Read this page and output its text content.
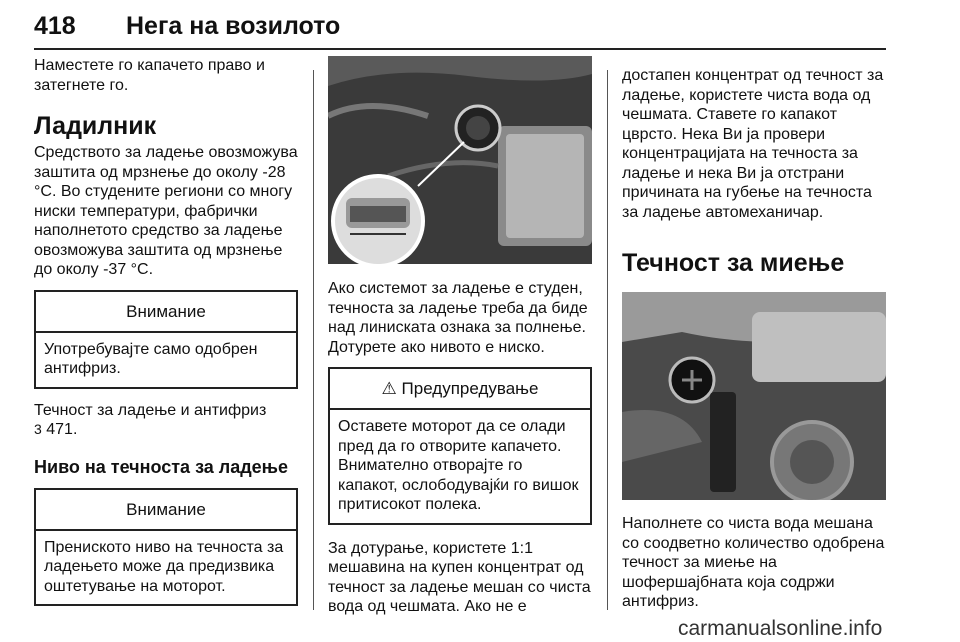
418 Нега на возилото

Наместете го капачето право и затегнете го.

Ладилник

Средството за ладење овозможува заштита од мрзнење до околу -28 °C. Во студените региони со многу ниски температури, фабрички наполнетото средство за ладење овозможува заштита од мрзнење до околу -37 °C.

Внимание
Употребувајте само одобрен антифриз.

Течност за ладење и антифриз
3 471.

Ниво на течноста за ладење
Внимание
Прениското ниво на течноста за ладењето може да предизвика оштетување на моторот.

Ако системот за ладење е студен, течноста за ладење треба да биде над линискатa ознака за полнење. Дотурете ако нивото е ниско.

⚠ Предупредување
Оставете моторот да се олади пред да го отворите капачето. Внимателно отворајте го капакот, ослободувајќи го вишок притисокот полека.

За дотурање, користете 1:1 мешавина на купен концентрат од течност за ладење мешан со чиста вода од чешмата. Ако не е

достапен концентрат од течност за ладење, користете чиста вода од чешмата. Ставете го капакот цврсто. Нека Ви ја провери концентрацијата на течноста за ладење и нека Ви ја отстрани причината на губење на течноста за ладење автомеханичар.

Течност за миење

Наполнете со чиста вода мешана со соодветно количество одобрена течност за миење на шофершајбната која содржи антифриз.

carmanualsonline.info
